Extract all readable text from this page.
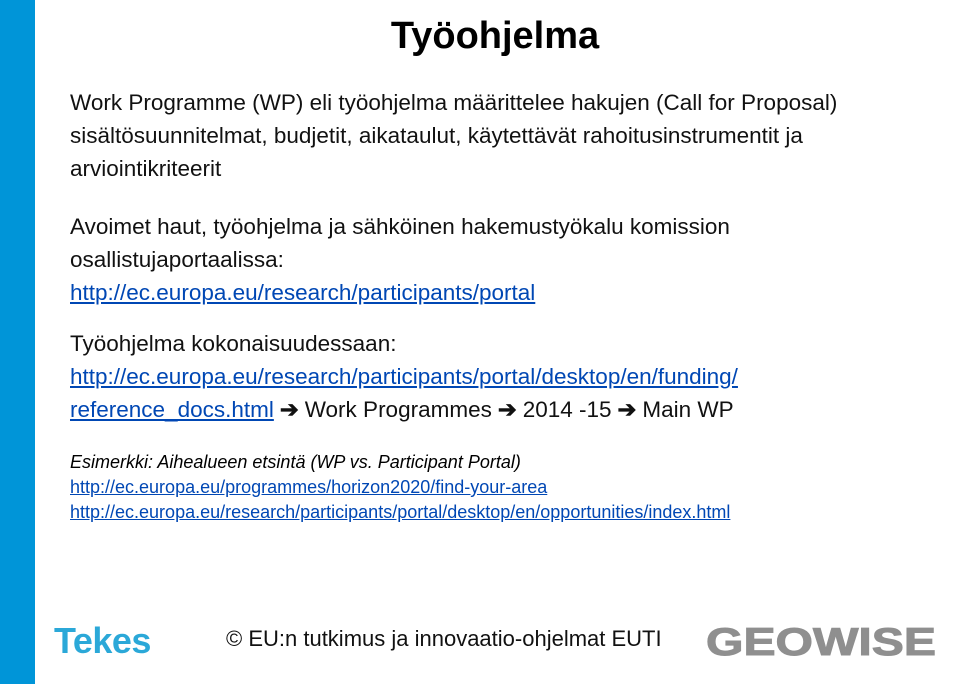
Työohjelma
Work Programme (WP) eli työohjelma määrittelee hakujen (Call for Proposal) sisältösuunnitelmat, budjetit, aikataulut, käytettävät rahoitusinstrumentit ja arviointikriteerit
Avoimet haut, työohjelma ja sähköinen hakemustyökalu komission osallistujaportaalissa:
http://ec.europa.eu/research/participants/portal
Työohjelma kokonaisuudessaan:
http://ec.europa.eu/research/participants/portal/desktop/en/funding/
reference_docs.html ➔ Work Programmes ➔ 2014 -15 ➔ Main WP
Esimerkki: Aihealueen etsintä (WP vs. Participant Portal)
http://ec.europa.eu/programmes/horizon2020/find-your-area
http://ec.europa.eu/research/participants/portal/desktop/en/opportunities/index.html
Tekes	© EU:n tutkimus ja innovaatio-ohjelmat EUTI GEOWISE
